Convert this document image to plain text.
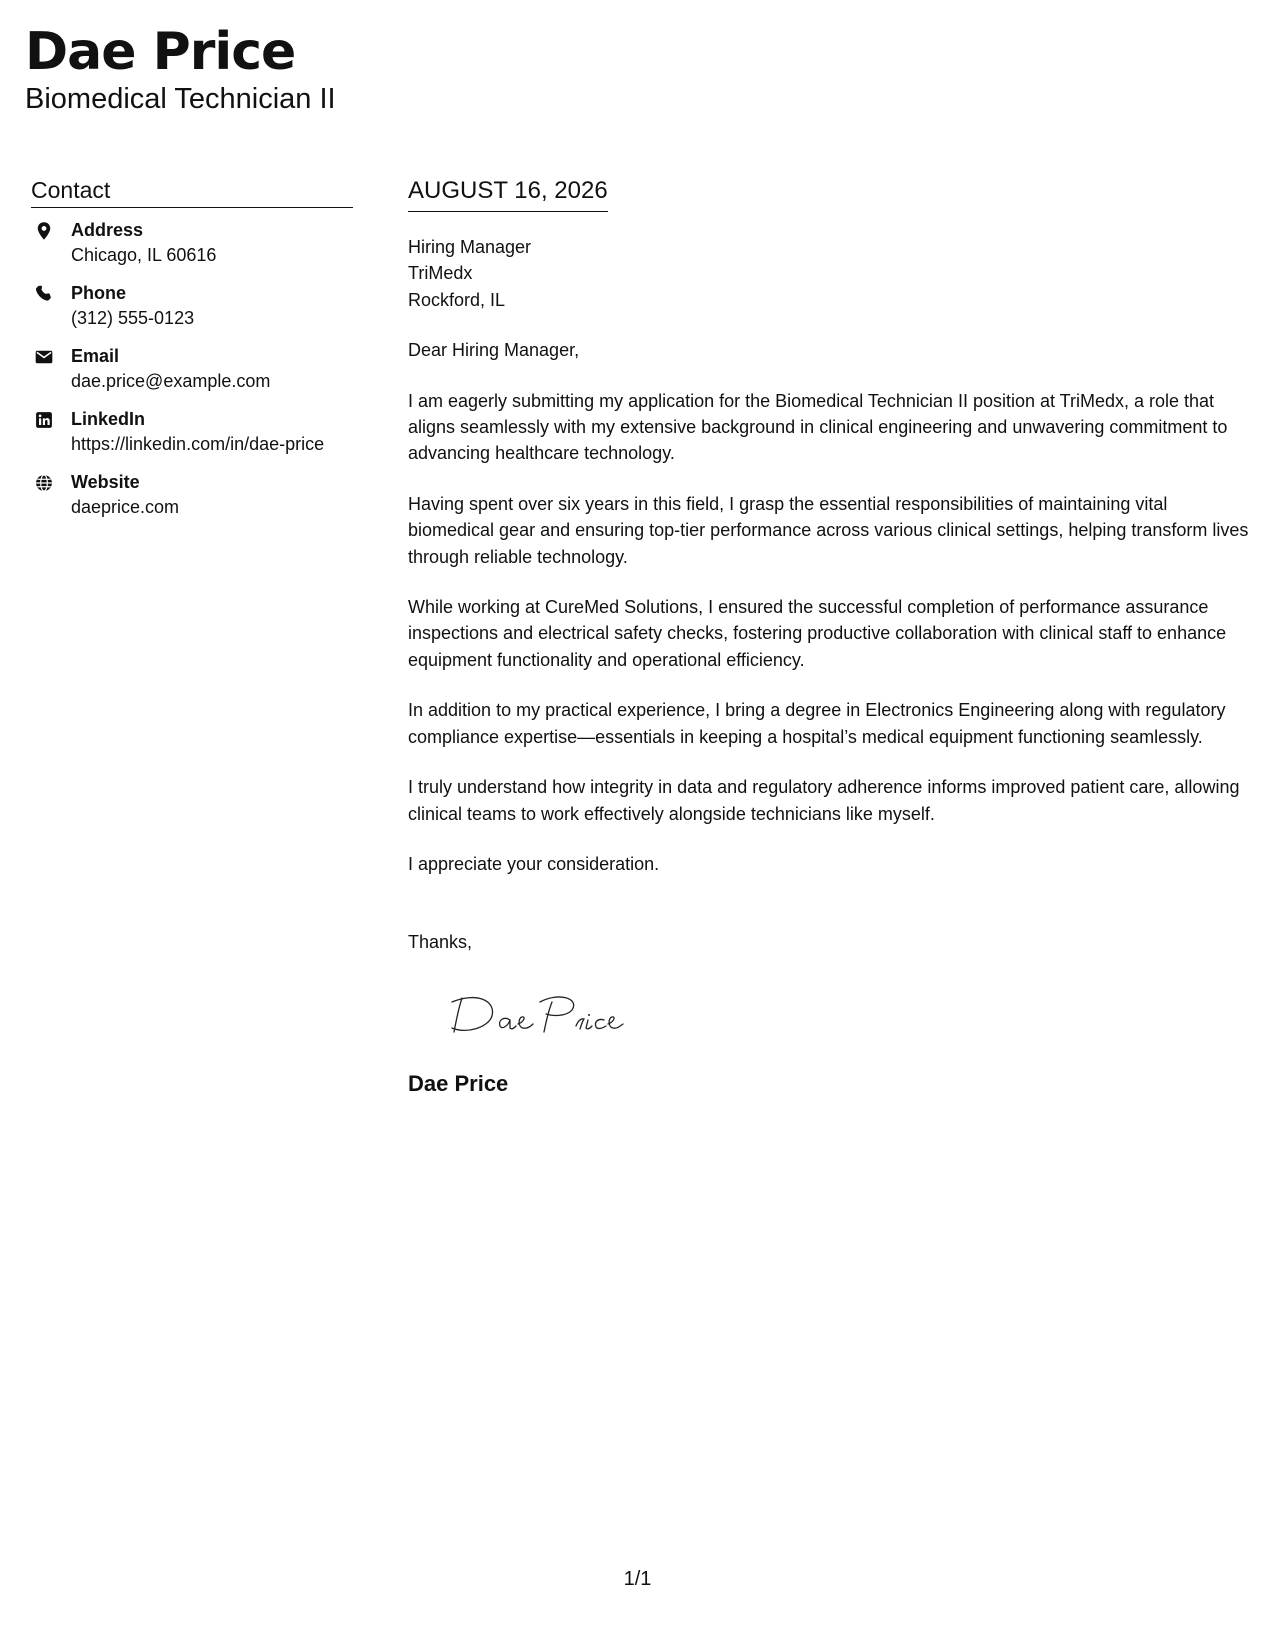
Dae Price
Biomedical Technician II
Contact
Address
Chicago, IL 60616
Phone
(312) 555-0123
Email
dae.price@example.com
LinkedIn
https://linkedin.com/in/dae-price
Website
daeprice.com
AUGUST 16, 2026
Hiring Manager
TriMedx
Rockford, IL

Dear Hiring Manager,

I am eagerly submitting my application for the Biomedical Technician II position at TriMedx, a role that aligns seamlessly with my extensive background in clinical engineering and unwavering commitment to advancing healthcare technology.

Having spent over six years in this field, I grasp the essential responsibilities of maintaining vital biomedical gear and ensuring top-tier performance across various clinical settings, helping transform lives through reliable technology.

While working at CureMed Solutions, I ensured the successful completion of performance assurance inspections and electrical safety checks, fostering productive collaboration with clinical staff to enhance equipment functionality and operational efficiency.

In addition to my practical experience, I bring a degree in Electronics Engineering along with regulatory compliance expertise—essentials in keeping a hospital’s medical equipment functioning seamlessly.

I truly understand how integrity in data and regulatory adherence informs improved patient care, allowing clinical teams to work effectively alongside technicians like myself.

I appreciate your consideration.

Thanks,

Dae Price

1/1
